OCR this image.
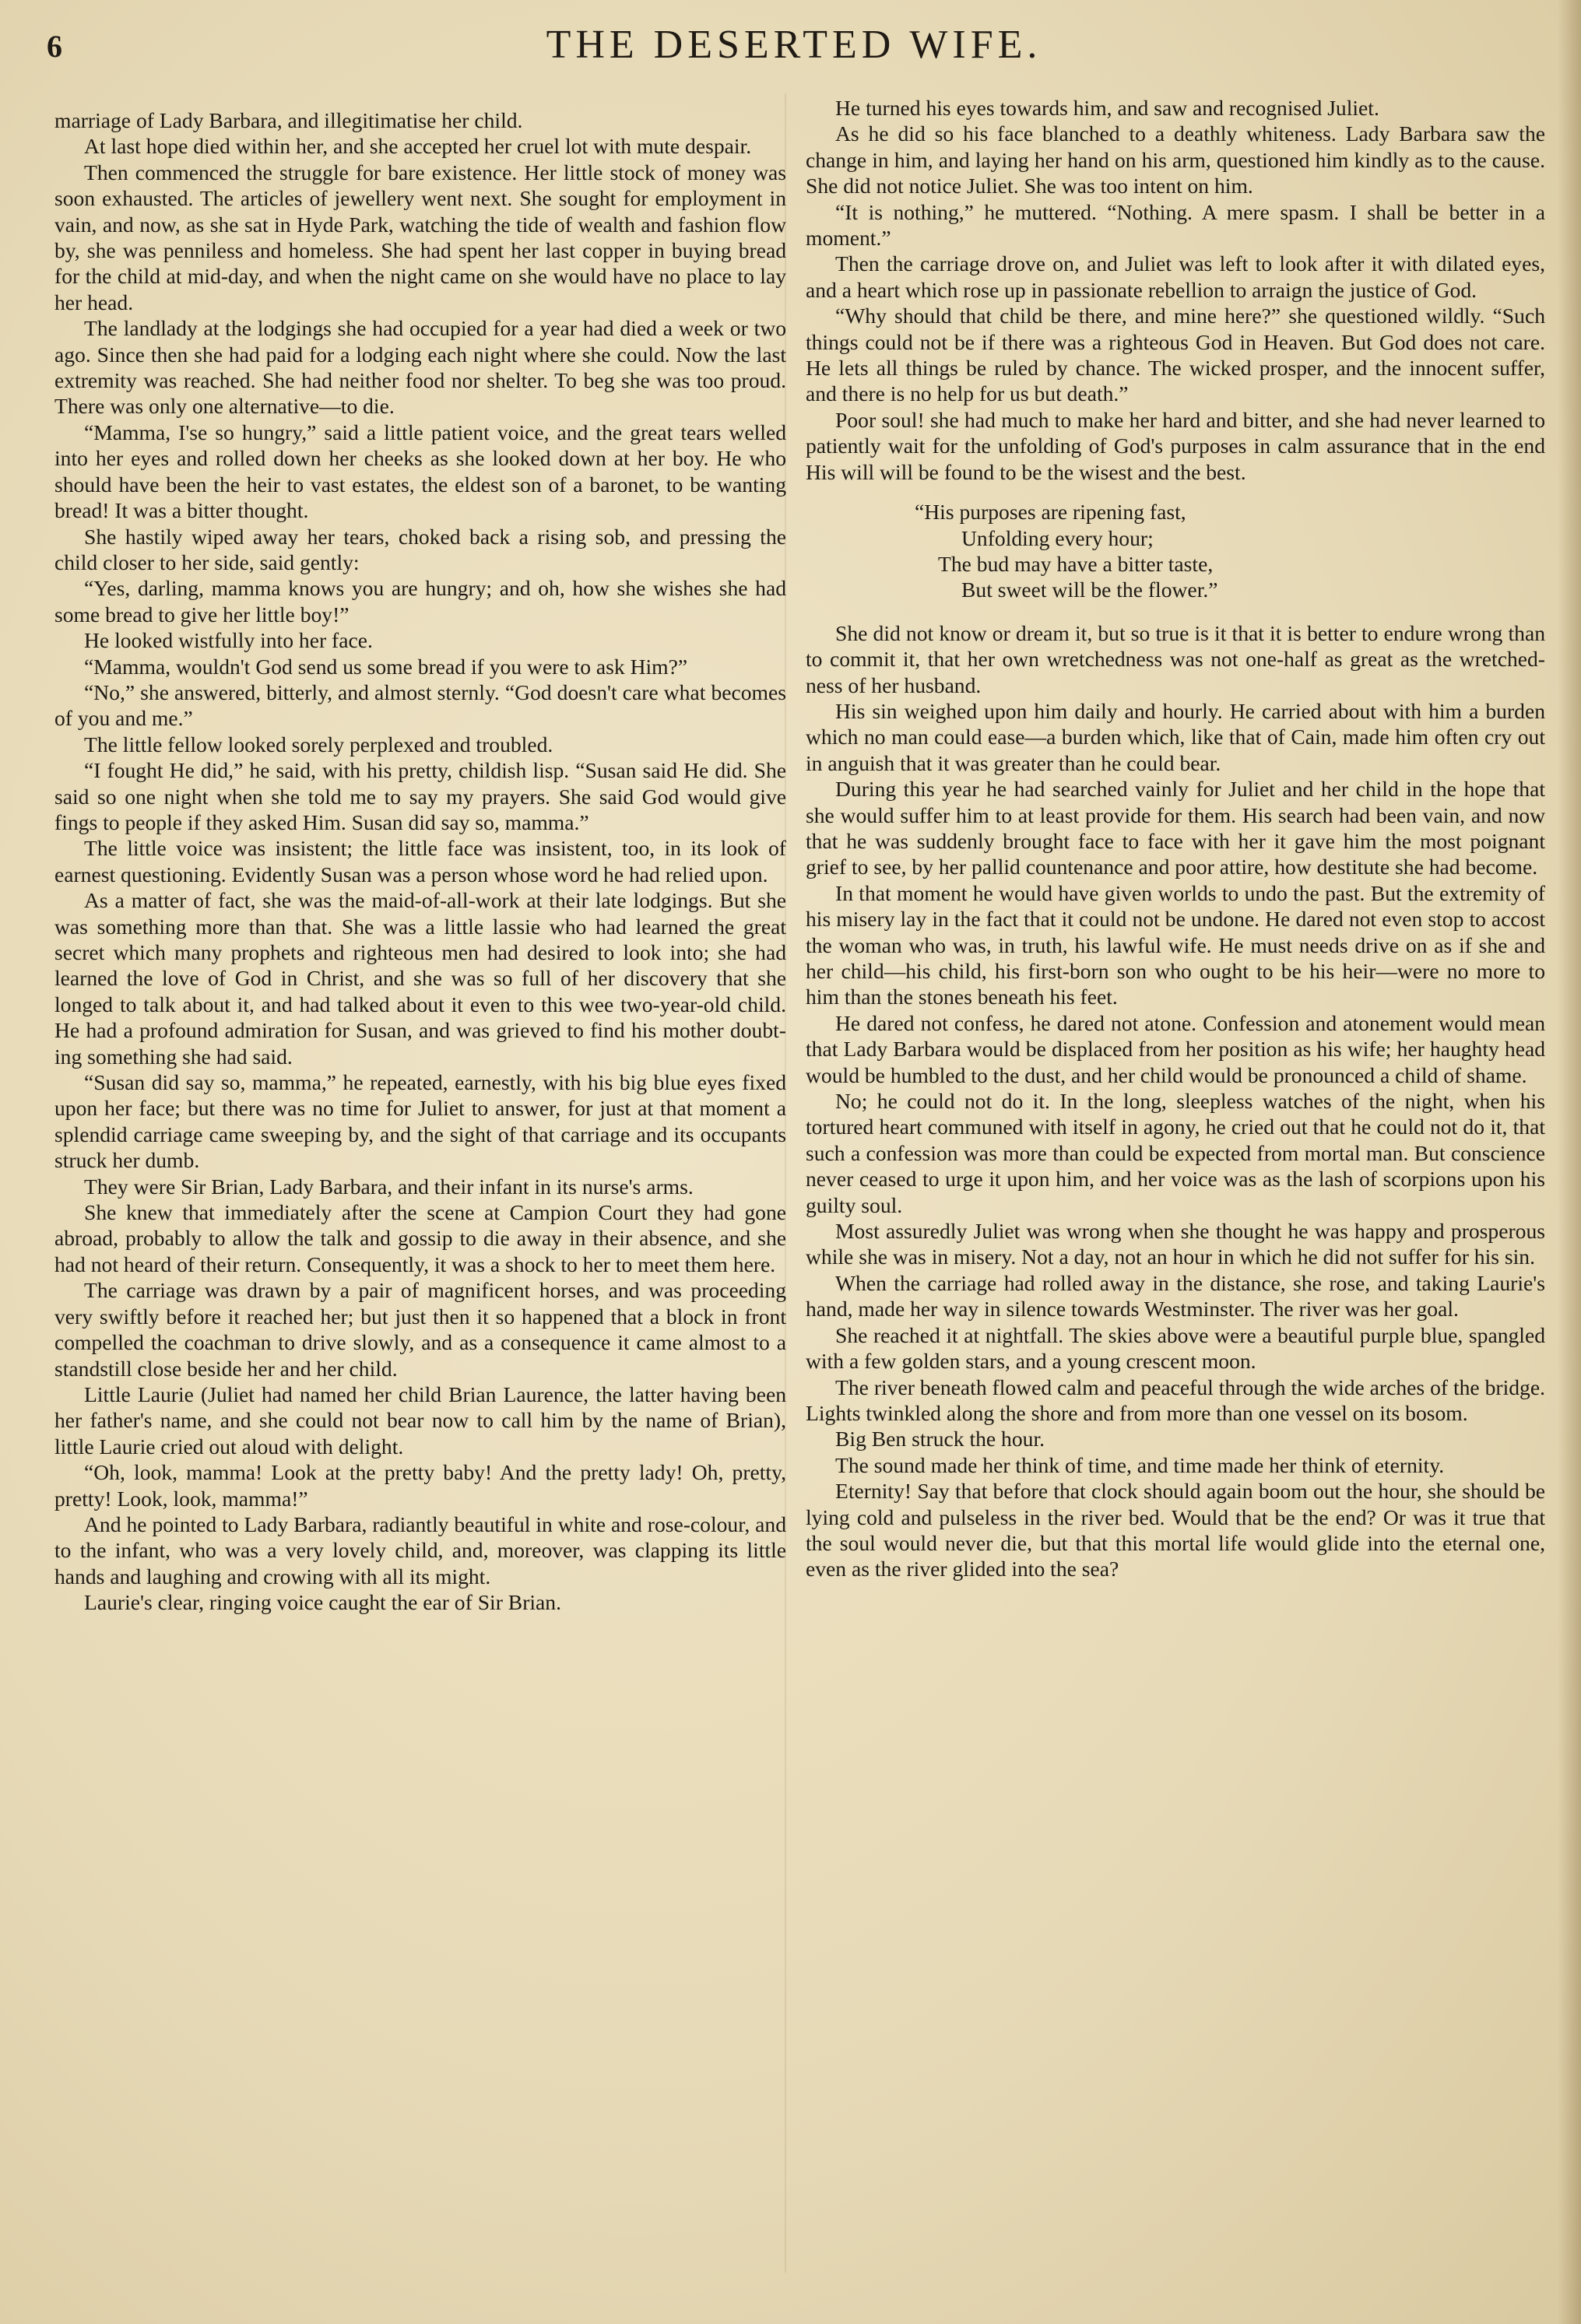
6	THE DESERTED WIFE.

marriage of Lady Barbara, and illegitimatise her child.

At last hope died within her, and she accepted her cruel lot with mute despair.

Then commenced the struggle for bare existence. Her little stock of money was soon exhausted. The articles of jewellery went next. She sought for employment in vain, and now, as she sat in Hyde Park, watching the tide of wealth and fashion flow by, she was penniless and homeless. She had spent her last copper in buying bread for the child at mid-day, and when the night came on she would have no place to lay her head.

The landlady at the lodgings she had occupied for a year had died a week or two ago. Since then she had paid for a lodging each night where she could. Now the last extremity was reached. She had neither food nor shelter. To beg she was too proud. There was only one alternative—to die.

“Mamma, I'se so hungry,” said a little patient voice, and the great tears welled into her eyes and rolled down her cheeks as she looked down at her boy. He who should have been the heir to vast estates, the eldest son of a baronet, to be wanting bread! It was a bitter thought.

She hastily wiped away her tears, choked back a rising sob, and pressing the child closer to her side, said gently:

“Yes, darling, mamma knows you are hungry; and oh, how she wishes she had some bread to give her little boy!”

He looked wistfully into her face.

“Mamma, wouldn't God send us some bread if you were to ask Him?”

“No,” she answered, bitterly, and almost sternly. “God doesn't care what becomes of you and me.”

The little fellow looked sorely perplexed and troubled.

“I fought He did,” he said, with his pretty, childish lisp. “Susan said He did. She said so one night when she told me to say my prayers. She said God would give fings to people if they asked Him. Susan did say so, mamma.”

The little voice was insistent; the little face was insistent, too, in its look of earnest questioning. Evidently Susan was a person whose word he had relied upon.

As a matter of fact, she was the maid-of-all-work at their late lodgings. But she was something more than that. She was a little lassie who had learned the great secret which many prophets and righteous men had desired to look into; she had learned the love of God in Christ, and she was so full of her discovery that she longed to talk about it, and had talked about it even to this wee two-year-old child. He had a profound admiration for Susan, and was grieved to find his mother doubting something she had said.

“Susan did say so, mamma,” he repeated, earnestly, with his big blue eyes fixed upon her face; but there was no time for Juliet to answer, for just at that moment a splendid carriage came sweeping by, and the sight of that carriage and its occupants struck her dumb.

They were Sir Brian, Lady Barbara, and their infant in its nurse's arms.

She knew that immediately after the scene at Campion Court they had gone abroad, probably to allow the talk and gossip to die away in their absence, and she had not heard of their return. Consequently, it was a shock to her to meet them here.

The carriage was drawn by a pair of magnificent horses, and was proceeding very swiftly before it reached her; but just then it so happened that a block in front compelled the coachman to drive slowly, and as a consequence it came almost to a standstill close beside her and her child.

Little Laurie (Juliet had named her child Brian Laurence, the latter having been her father's name, and she could not bear now to call him by the name of Brian), little Laurie cried out aloud with delight.

“Oh, look, mamma! Look at the pretty baby! And the pretty lady! Oh, pretty, pretty! Look, look, mamma!”

And he pointed to Lady Barbara, radiantly beautiful in white and rose-colour, and to the infant, who was a very lovely child, and, moreover, was clapping its little hands and laughing and crowing with all its might.

Laurie's clear, ringing voice caught the ear of Sir Brian.

He turned his eyes towards him, and saw and recognised Juliet.

As he did so his face blanched to a deathly whiteness. Lady Barbara saw the change in him, and laying her hand on his arm, questioned him kindly as to the cause. She did not notice Juliet. She was too intent on him.

“It is nothing,” he muttered. “Nothing. A mere spasm. I shall be better in a moment.”

Then the carriage drove on, and Juliet was left to look after it with dilated eyes, and a heart which rose up in passionate rebellion to arraign the justice of God.

“Why should that child be there, and mine here?” she questioned wildly. “Such things could not be if there was a righteous God in Heaven. But God does not care. He lets all things be ruled by chance. The wicked prosper, and the innocent suffer, and there is no help for us but death.”

Poor soul! she had much to make her hard and bitter, and she had never learned to patiently wait for the unfolding of God's purposes in calm assurance that in the end His will will be found to be the wisest and the best.

“His purposes are ripening fast,
Unfolding every hour;
The bud may have a bitter taste,
But sweet will be the flower.”

She did not know or dream it, but so true is it that it is better to endure wrong than to commit it, that her own wretchedness was not one-half as great as the wretchedness of her husband.

His sin weighed upon him daily and hourly. He carried about with him a burden which no man could ease—a burden which, like that of Cain, made him often cry out in anguish that it was greater than he could bear.

During this year he had searched vainly for Juliet and her child in the hope that she would suffer him to at least provide for them. His search had been vain, and now that he was suddenly brought face to face with her it gave him the most poignant grief to see, by her pallid countenance and poor attire, how destitute she had become.

In that moment he would have given worlds to undo the past. But the extremity of his misery lay in the fact that it could not be undone. He dared not even stop to accost the woman who was, in truth, his lawful wife. He must needs drive on as if she and her child—his child, his first-born son who ought to be his heir—were no more to him than the stones beneath his feet.

He dared not confess, he dared not atone. Confession and atonement would mean that Lady Barbara would be displaced from her position as his wife; her haughty head would be humbled to the dust, and her child would be pronounced a child of shame.

No; he could not do it. In the long, sleepless watches of the night, when his tortured heart communed with itself in agony, he cried out that he could not do it, that such a confession was more than could be expected from mortal man. But conscience never ceased to urge it upon him, and her voice was as the lash of scorpions upon his guilty soul.

Most assuredly Juliet was wrong when she thought he was happy and prosperous while she was in misery. Not a day, not an hour in which he did not suffer for his sin.

When the carriage had rolled away in the distance, she rose, and taking Laurie's hand, made her way in silence towards Westminster. The river was her goal.

She reached it at nightfall. The skies above were a beautiful purple blue, spangled with a few golden stars, and a young crescent moon.

The river beneath flowed calm and peaceful through the wide arches of the bridge. Lights twinkled along the shore and from more than one vessel on its bosom.

Big Ben struck the hour.

The sound made her think of time, and time made her think of eternity.

Eternity! Say that before that clock should again boom out the hour, she should be lying cold and pulseless in the river bed. Would that be the end? Or was it true that the soul would never die, but that this mortal life would glide into the eternal one, even as the river glided into the sea?
